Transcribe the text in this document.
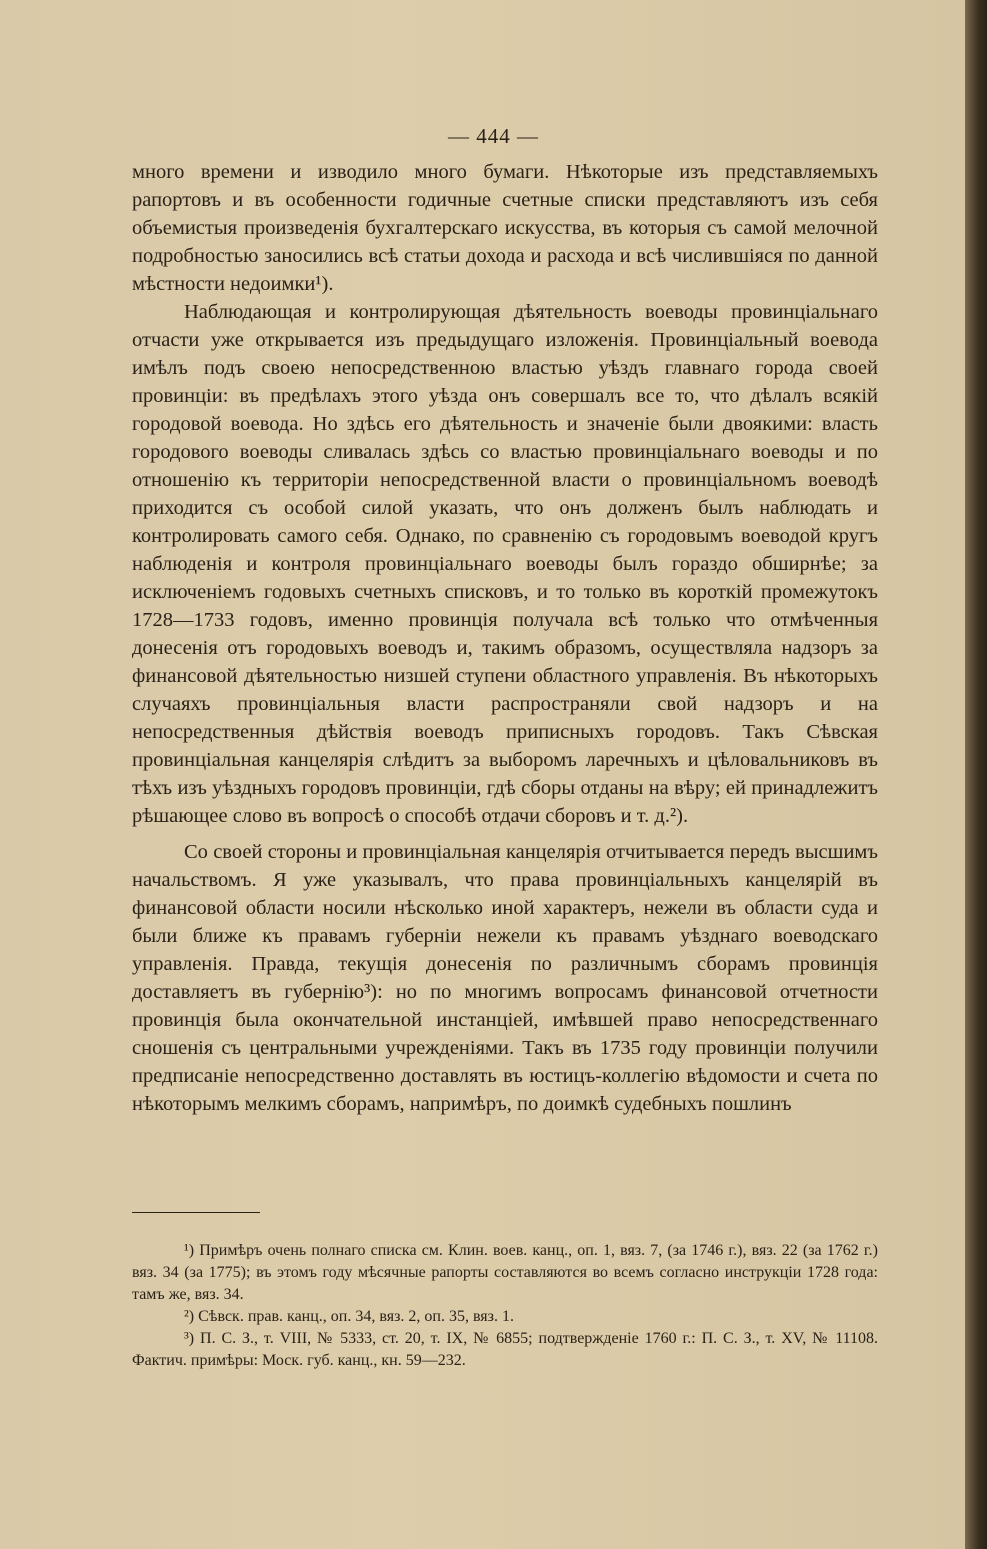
— 444 —

много времени и изводило много бумаги. Нѣкоторые изъ представляемыхъ рапортовъ и въ особенности годичные счетные списки представляютъ изъ себя объемистыя произведенія бухгалтерскаго искусства, въ которыя съ самой мелочной подробностью заносились всѣ статьи дохода и расхода и всѣ числившіяся по данной мѣстности недоимки¹).

Наблюдающая и контролирующая дѣятельность воеводы провинціальнаго отчасти уже открывается изъ предыдущаго изложенія. Провинціальный воевода имѣлъ подъ своею непосредственною властью уѣздъ главнаго города своей провинціи: въ предѣлахъ этого уѣзда онъ совершалъ все то, что дѣлалъ всякій городовой воевода. Но здѣсь его дѣятельность и значеніе были двоякими: власть городового воеводы сливалась здѣсь со властью провинціальнаго воеводы и по отношенію къ территоріи непосредственной власти о провинціальномъ воеводѣ приходится съ особой силой указать, что онъ долженъ былъ наблюдать и контролировать самого себя. Однако, по сравненію съ городовымъ воеводой кругъ наблюденія и контроля провинціальнаго воеводы былъ гораздо обширнѣе; за исключеніемъ годовыхъ счетныхъ списковъ, и то только въ короткій промежутокъ 1728—1733 годовъ, именно провинція получала всѣ только что отмѣченныя донесенія отъ городовыхъ воеводъ и, такимъ образомъ, осуществляла надзоръ за финансовой дѣятельностью низшей ступени областного управленія. Въ нѣкоторыхъ случаяхъ провинціальныя власти распространяли свой надзоръ и на непосредственныя дѣйствія воеводъ приписныхъ городовъ. Такъ Сѣвская провинціальная канцелярія слѣдитъ за выборомъ ларечныхъ и цѣловальниковъ въ тѣхъ изъ уѣздныхъ городовъ провинціи, гдѣ сборы отданы на вѣру; ей принадлежитъ рѣшающее слово въ вопросѣ о способѣ отдачи сборовъ и т. д.²).

Со своей стороны и провинціальная канцелярія отчитывается передъ высшимъ начальствомъ. Я уже указывалъ, что права провинціальныхъ канцелярій въ финансовой области носили нѣсколько иной характеръ, нежели въ области суда и были ближе къ правамъ губерніи нежели къ правамъ уѣзднаго воеводскаго управленія. Правда, текущія донесенія по различнымъ сборамъ провинція доставляетъ въ губернію³): но по многимъ вопросамъ финансовой отчетности провинція была окончательной инстанціей, имѣвшей право непосредственнаго сношенія съ центральными учрежденіями. Такъ въ 1735 году провинціи получили предписаніе непосредственно доставлять въ юстицъ-коллегію вѣдомости и счета по нѣкоторымъ мелкимъ сборамъ, напримѣръ, по доимкѣ судебныхъ пошлинъ

¹) Примѣръ очень полнаго списка см. Клин. воев. канц., оп. 1, вяз. 7, (за 1746 г.), вяз. 22 (за 1762 г.) вяз. 34 (за 1775); въ этомъ году мѣсячные рапорты составляются во всемъ согласно инструкціи 1728 года: тамъ же, вяз. 34.

²) Сѣвск. прав. канц., оп. 34, вяз. 2, оп. 35, вяз. 1.

³) П. С. З., т. VIII, № 5333, ст. 20, т. IX, № 6855; подтвержденіе 1760 г.: П. С. З., т. XV, № 11108. Фактич. примѣры: Моск. губ. канц., кн. 59—232.
